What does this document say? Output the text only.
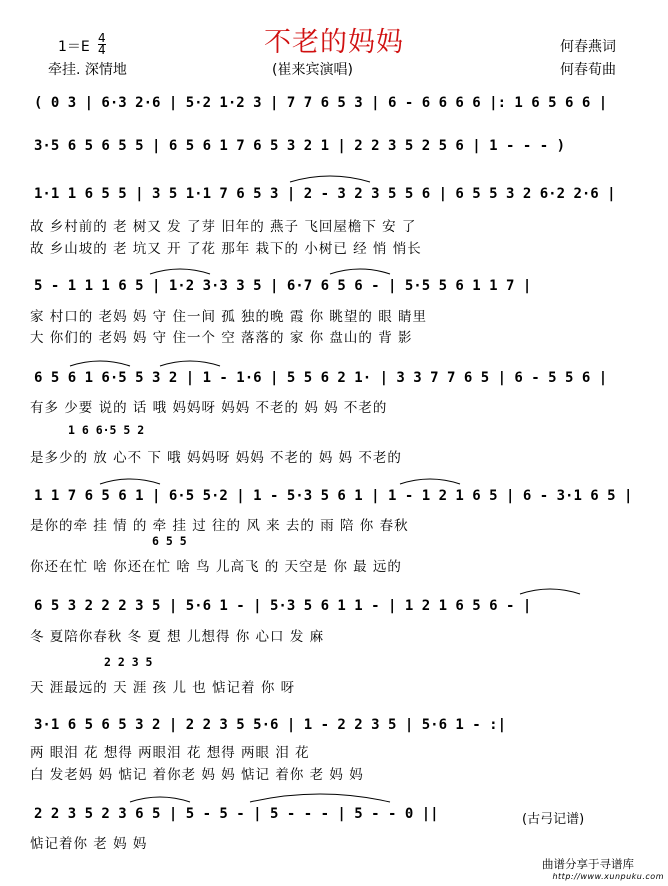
不老的妈妈
$1=E \frac{4}{4}$
牵挂. 深情地	(崔来宾演唱)
何春燕词
何春荀曲
( 0 3 | 6·3 2·6 | 5·2 1·2 3 | 7 7 6 5 3 | 6 - 6 6 6 6 |: 1 6 5 6 6 |
3·5 6 5 6 5 5 | 6 5 6 1 7 6 5 3 2 1 | 2 2 3 5 2 5 6 | 1 - - - )
1·1 1 6 5 5 | 3 5 1·1 7 6 5 3 | 2 - 3 2 3 5 5 6 | 6 5 5 3 2 6·2 2·6 |
故 乡村前的 老 树又 发 了芽 旧年的 燕子 飞回屋檐下 安 了
故 乡山坡的 老 坑又 开 了花 那年 栽下的 小树已 经 悄 悄长
5 - 1 1 1 6 5 | 1·2 3·3 3 5 | 6·7 6 5 6 - | 5·5 5 6 1 1 7 |
家 村口的 老妈 妈 守 住一间 孤 独的晚 霞 你 眺望的 眼 睛里
大 你们的 老妈 妈 守 住一个 空 落落的 家 你 盘山的 背 影
6 5 6 1 6·5 5 3 2 | 1 - 1·6 | 5 5 6 2 1· | 3 3 7 7 6 5 | 6 - 5 5 6 |
有多 少要 说的 话 哦 妈妈呀 妈妈 不老的 妈 妈 不老的
1 6 6·5 5 2
是多少的 放 心不 下 哦 妈妈呀 妈妈 不老的 妈 妈 不老的
1 1 7 6 5 6 1 | 6·5 5·2 | 1 - 5·3 5 6 1 | 1 - 1 2 1 6 5 | 6 - 3·1 6 5 |
是你的牵 挂 情 的 牵 挂 过 往的 风 来 去的 雨 陪 你 春秋
6 5 5
你还在忙 啥 你还在忙 啥 鸟 儿高飞 的 天空是 你 最 远的
6 5 3 2 2 2 3 5 | 5·6 1 - | 5·3 5 6 1 1 - | 1 2 1 6 5 6 - |
冬 夏陪你春秋 冬 夏 想 儿想得 你 心口 发 麻
2 2 3 5
天 涯最远的 天 涯 孩 儿 也 惦记着 你 呀
3·1 6 5 6 5 3 2 | 2 2 3 5 5·6 | 1 - 2 2 3 5 | 5·6 1 - :|
两 眼泪 花 想得 两眼泪 花 想得 两眼 泪 花
白 发老妈 妈 惦记 着你老 妈 妈 惦记 着你 老 妈 妈
2 2 3 5 2 3 6 5 | 5 - 5 - | 5 - - - | 5 - - 0 ||
惦记着你 老 妈 妈
(古弓记谱)
曲谱分享于寻谱库
http://www.xunpuku.com
